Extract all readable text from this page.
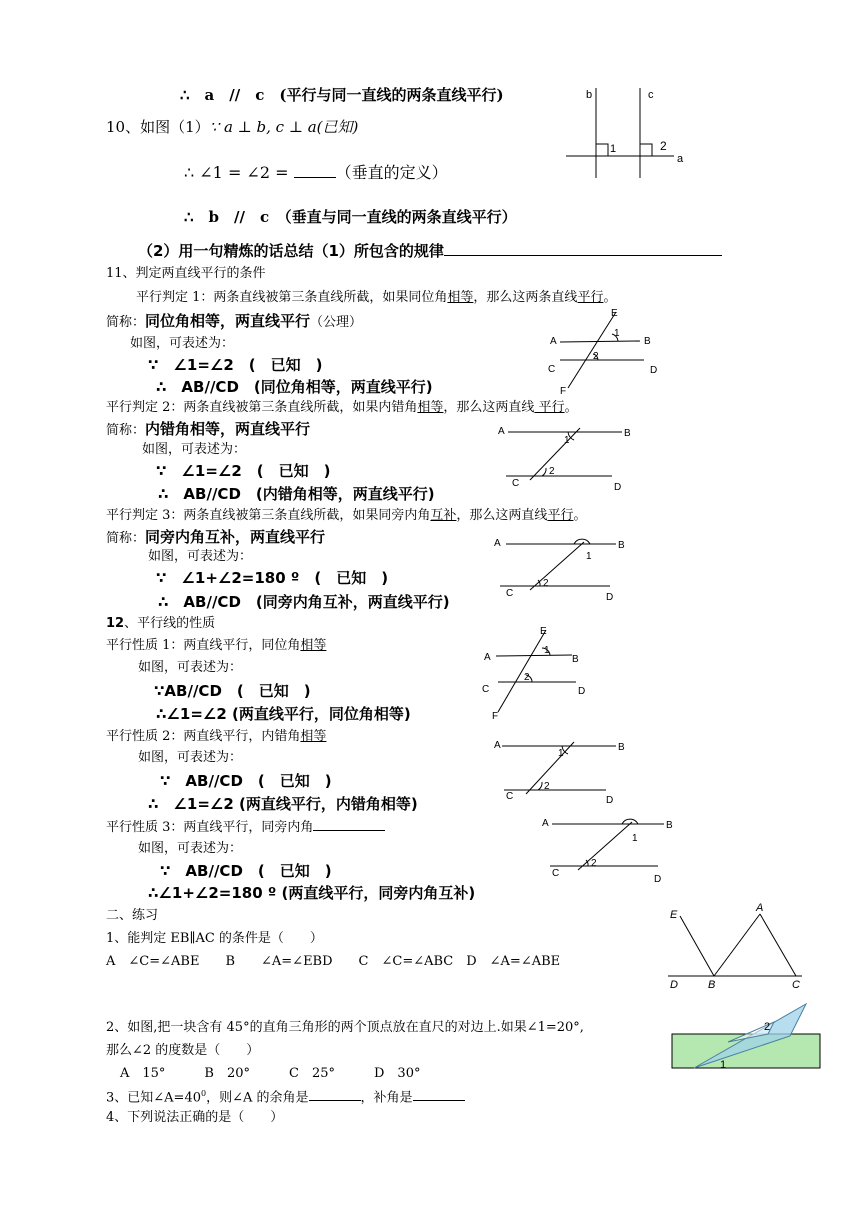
∴　a　//　c　(平行与同一直线的两条直线平行)
10、如图（1）∵ a ⊥ b, c ⊥ a(已知)
∴ ∠1 = ∠2 =	（垂直的定义）
∴　b　//　c　（垂直与同一直线的两条直线平行）
（2）用一句精炼的话总结（1）所包含的规律
b	c
1	2
a
11、判定两直线平行的条件
平行判定 1：两条直线被第三条直线所截，如果同位角相等，那么这两条直线平行。
简称：同位角相等，两直线平行（公理）
如图，可表述为：
∵　∠1=∠2　(　已知　)
∴　AB//CD　(同位角相等，两直线平行)
E
A	B
1
2
C	D
F
平行判定 2：两条直线被第三条直线所截，如果内错角相等，那么这两直线 平行。
简称：内错角相等，两直线平行
如图，可表述为：
∵　∠1=∠2　(　已知　)
∴　AB//CD　(内错角相等，两直线平行)
A	B
1
2
C	D
平行判定 3：两条直线被第三条直线所截，如果同旁内角互补，那么这两直线平行。
简称：同旁内角互补，两直线平行
如图，可表述为：
∵　∠1+∠2=180 º　(　已知　)
∴　AB//CD　(同旁内角互补，两直线平行)
A	B
1
2
C	D
12、平行线的性质
平行性质 1：两直线平行，同位角相等
如图，可表述为：
∵AB//CD　(　已知　)
∴∠1=∠2 (两直线平行，同位角相等)
E
A	B
1
2
C	D
F
平行性质 2：两直线平行，内错角相等
如图，可表述为：
∵　AB//CD　(　已知　)
∴　∠1=∠2 (两直线平行，内错角相等)
A	B
1
2
C	D
平行性质 3：两直线平行，同旁内角
如图，可表述为：
∵　AB//CD　(　已知　)
∴∠1+∠2=180 º (两直线平行，同旁内角互补)
A	B
1
2
C
D
二、练习
1、能判定 EB∥AC 的条件是（　　）
A　∠C=∠ABE　　B　　∠A=∠EBD　　C　∠C=∠ABC　D　∠A=∠ABE
E
A
D	B	C
2、如图,把一块含有 45°的直角三角形的两个顶点放在直尺的对边上.如果∠1=20°,
那么∠2 的度数是（　　）
A　15°　　　B　20°　　　C　25°　　　D　30°
2
1
3、已知$\angle A=40^0$，则∠A 的余角是	，补角是
4、下列说法正确的是（　　）
